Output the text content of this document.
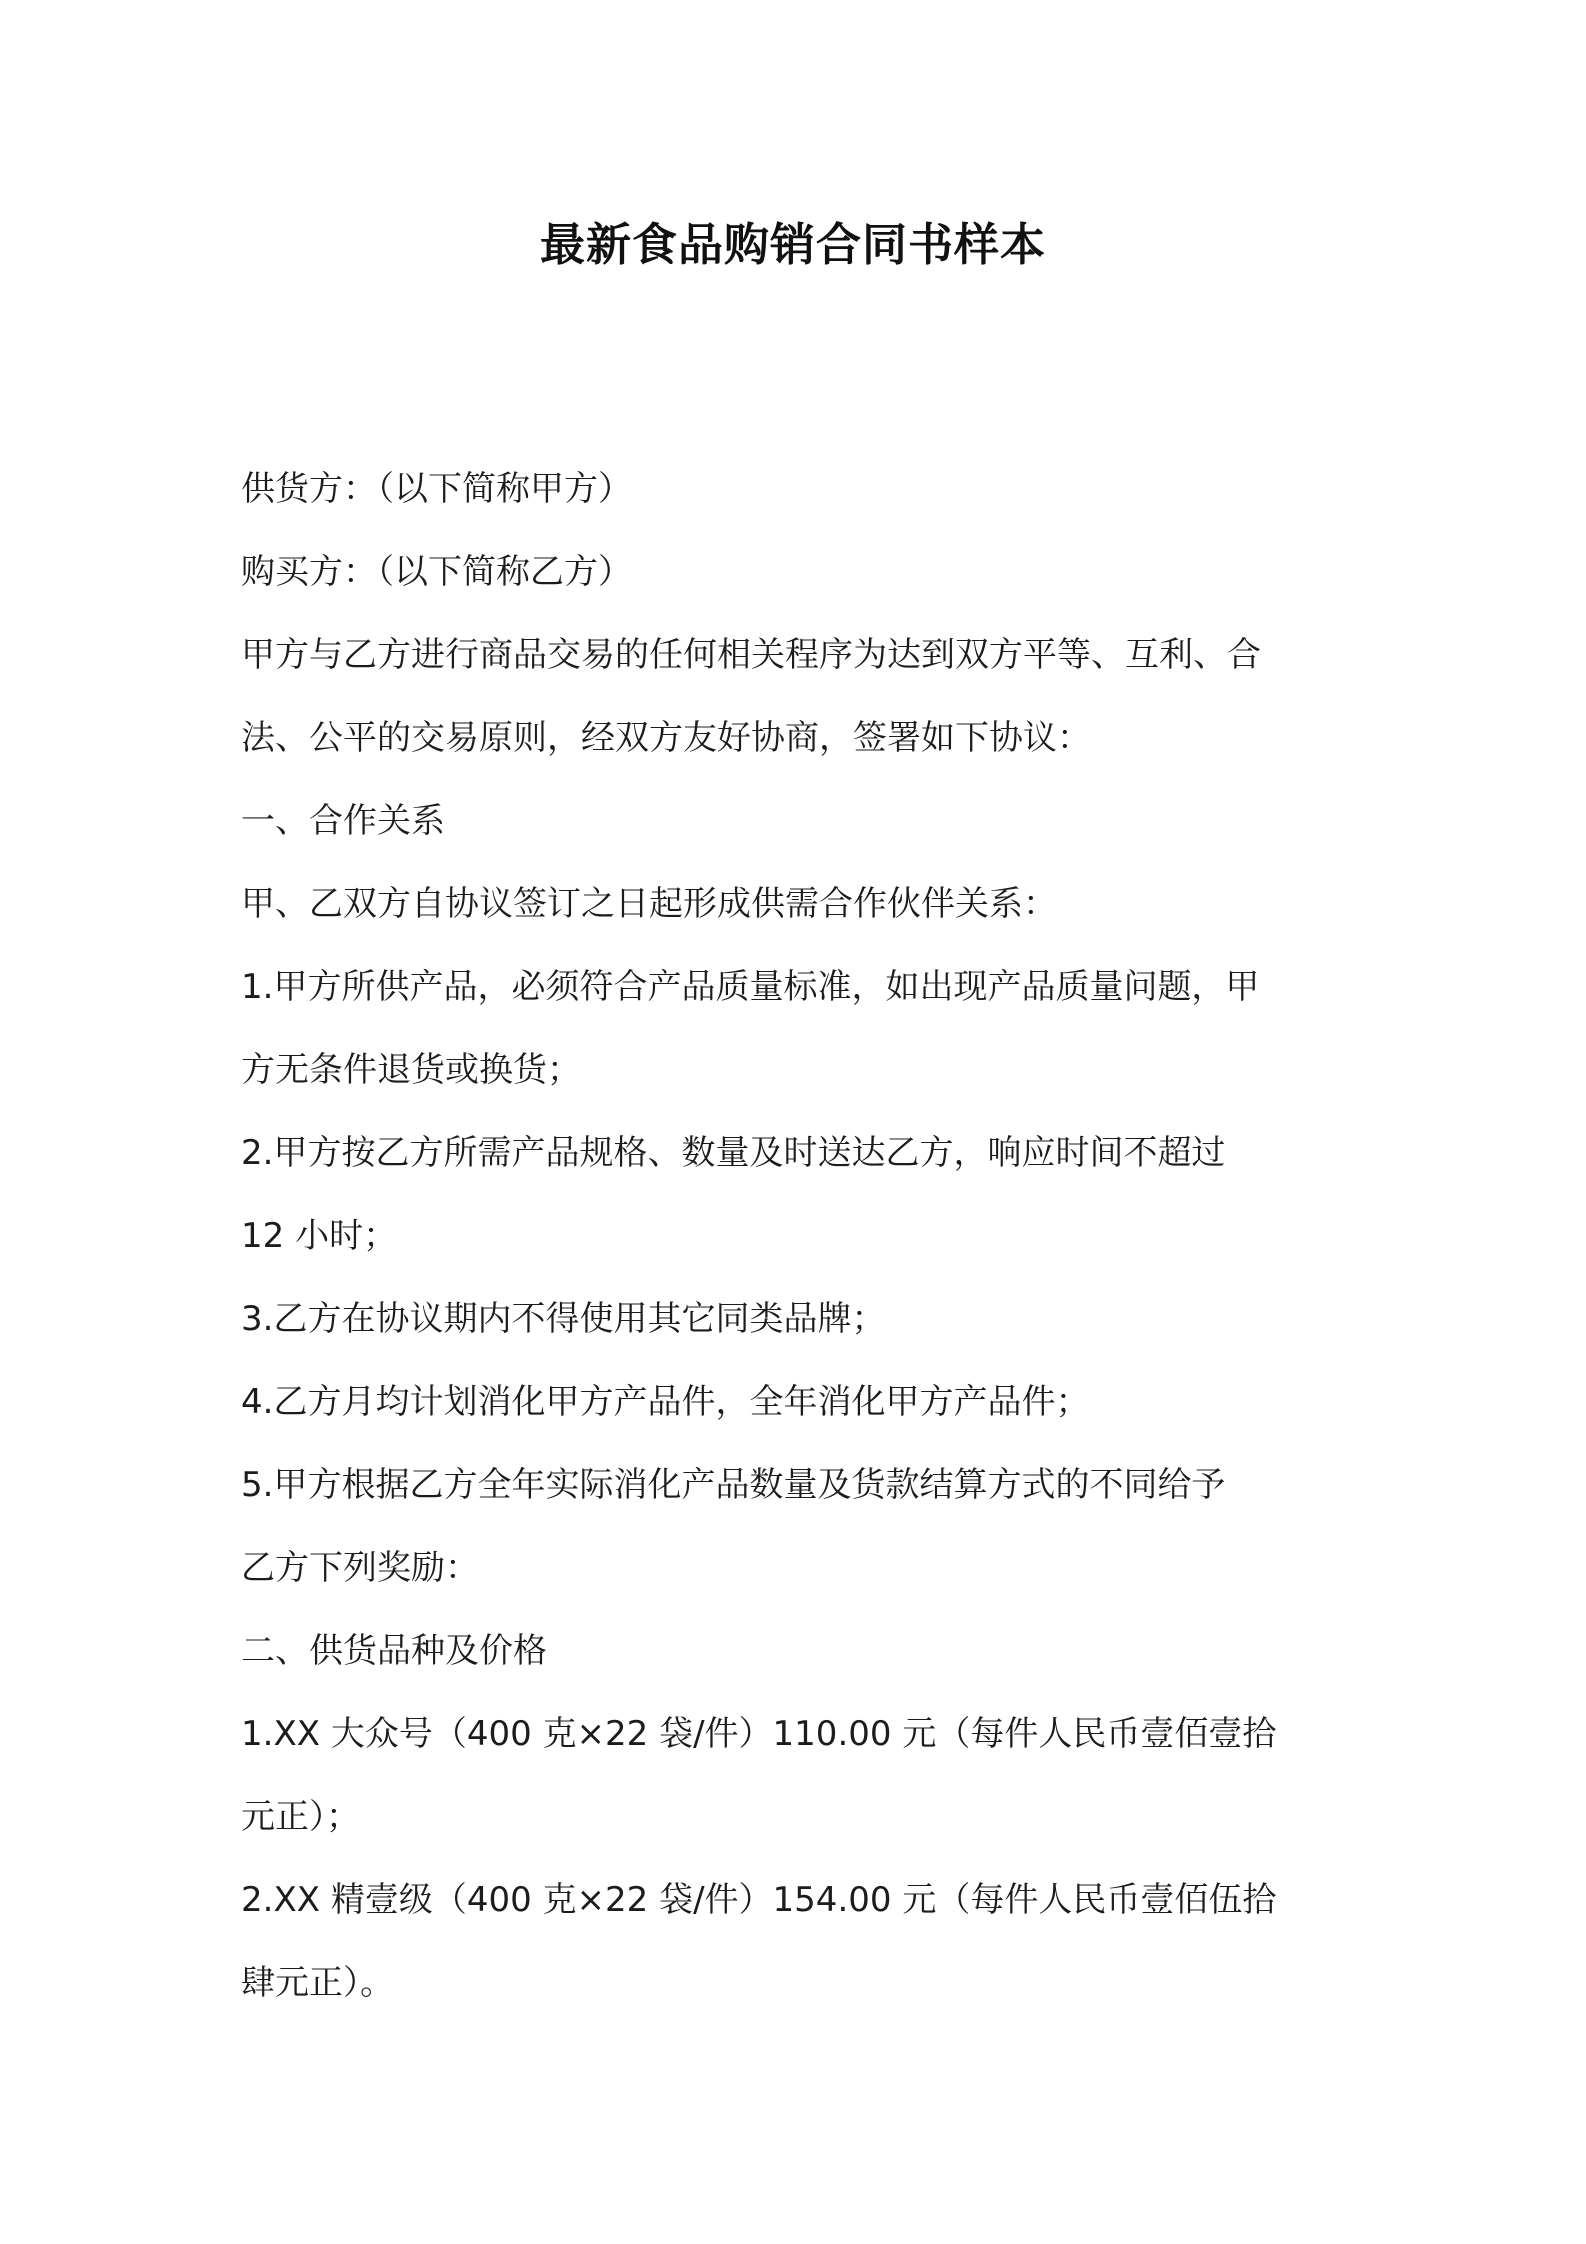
最新食品购销合同书样本
供货方：（以下简称甲方）
购买方：（以下简称乙方）
甲方与乙方进行商品交易的任何相关程序为达到双方平等、互利、合
法、公平的交易原则，经双方友好协商，签署如下协议：
一、合作关系
甲、乙双方自协议签订之日起形成供需合作伙伴关系：
1.甲方所供产品，必须符合产品质量标准，如出现产品质量问题，甲
方无条件退货或换货；
2.甲方按乙方所需产品规格、数量及时送达乙方，响应时间不超过
12 小时；
3.乙方在协议期内不得使用其它同类品牌；
4.乙方月均计划消化甲方产品件，全年消化甲方产品件；
5.甲方根据乙方全年实际消化产品数量及货款结算方式的不同给予
乙方下列奖励：
二、供货品种及价格
1.XX 大众号（400 克×22 袋/件）110.00 元（每件人民币壹佰壹拾
元正）；
2.XX 精壹级（400 克×22 袋/件）154.00 元（每件人民币壹佰伍拾
肆元正）。
